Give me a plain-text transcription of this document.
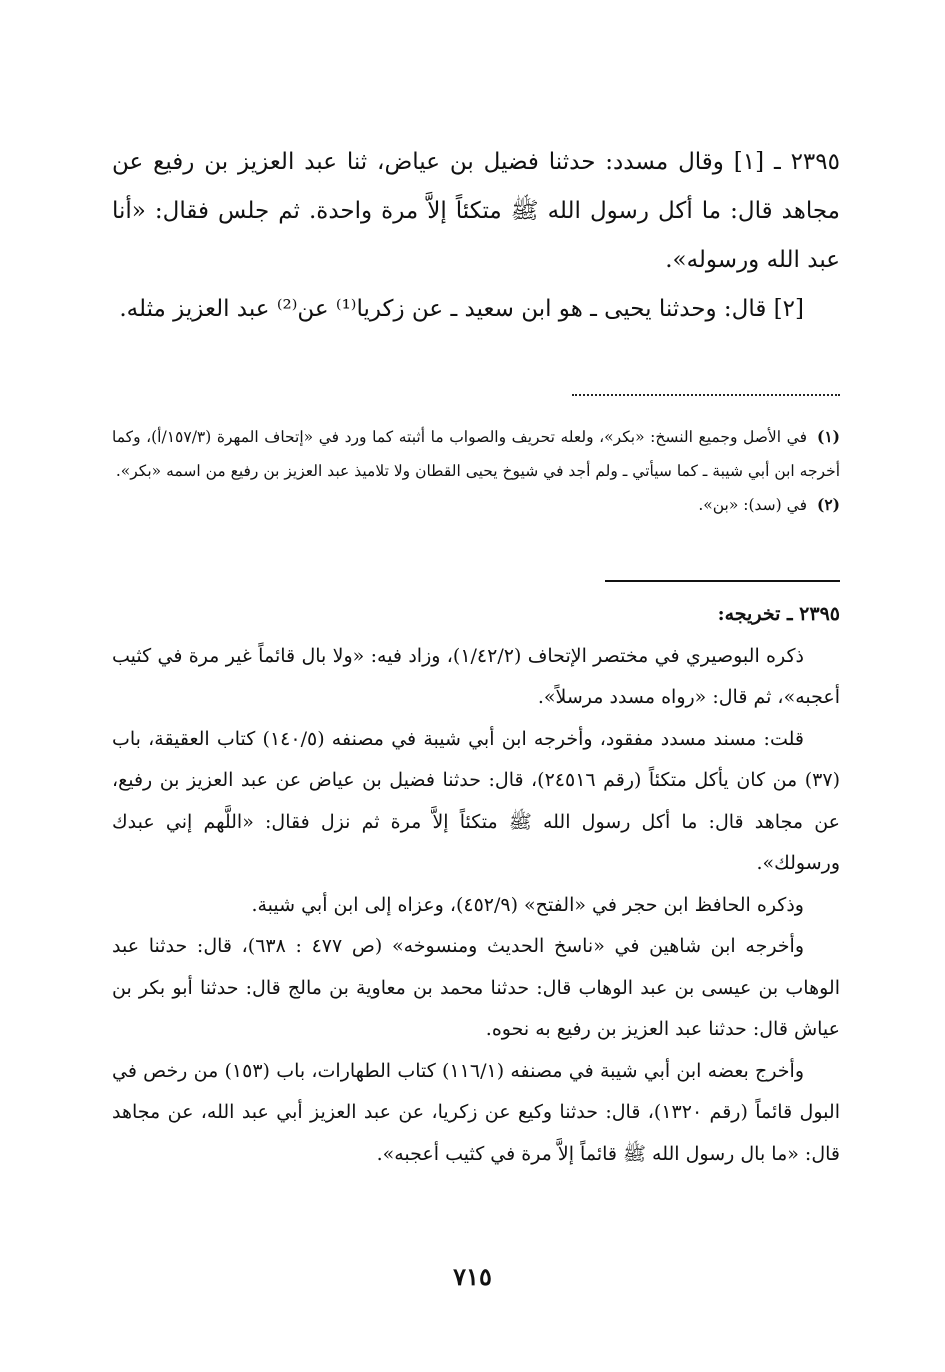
٢٣٩٥ ـ [١] وقال مسدد: حدثنا فضيل بن عياض، ثنا عبد العزيز بن رفيع عن مجاهد قال: ما أكل رسول الله ﷺ متكئاً إلاَّ مرة واحدة. ثم جلس فقال: «أنا عبد الله ورسوله».

[٢] قال: وحدثنا يحيى ـ هو ابن سعيد ـ عن زكريا⁽¹⁾ عن⁽²⁾ عبد العزيز مثله.

(١)في الأصل وجميع النسخ: «بكر»، ولعله تحريف والصواب ما أثبته كما ورد في «إتحاف المهرة (١٥٧/٣/أ)، وكما أخرجه ابن أبي شيبة ـ كما سيأتي ـ ولم أجد في شيوخ يحيى القطان ولا تلاميذ عبد العزيز بن رفيع من اسمه «بكر».

(٢)في (سد): «بن».

٢٣٩٥ ـ تخريجه:

ذكره البوصيري في مختصر الإتحاف (١/٤٢/٢)، وزاد فيه: «ولا بال قائماً غير مرة في كثيب أعجبه»، ثم قال: «رواه مسدد مرسلاً».

قلت: مسند مسدد مفقود، وأخرجه ابن أبي شيبة في مصنفه (١٤٠/٥) كتاب العقيقة، باب (٣٧) من كان يأكل متكئاً (رقم ٢٤٥١٦)، قال: حدثنا فضيل بن عياض عن عبد العزيز بن رفيع، عن مجاهد قال: ما أكل رسول الله ﷺ متكئاً إلاَّ مرة ثم نزل فقال: «اللَّهم إني عبدك ورسولك».

وذكره الحافظ ابن حجر في «الفتح» (٤٥٢/٩)، وعزاه إلى ابن أبي شيبة.

وأخرجه ابن شاهين في «ناسخ الحديث ومنسوخه» (ص ٤٧٧ : ٦٣٨)، قال: حدثنا عبد الوهاب بن عيسى بن عبد الوهاب قال: حدثنا محمد بن معاوية بن مالج قال: حدثنا أبو بكر بن عياش قال: حدثنا عبد العزيز بن رفيع به نحوه.

وأخرج بعضه ابن أبي شيبة في مصنفه (١١٦/١) كتاب الطهارات، باب (١٥٣) من رخص في البول قائماً (رقم ١٣٢٠)، قال: حدثنا وكيع عن زكريا، عن عبد العزيز أبي عبد الله، عن مجاهد قال: «ما بال رسول الله ﷺ قائماً إلاَّ مرة في كثيب أعجبه».

٧١٥
